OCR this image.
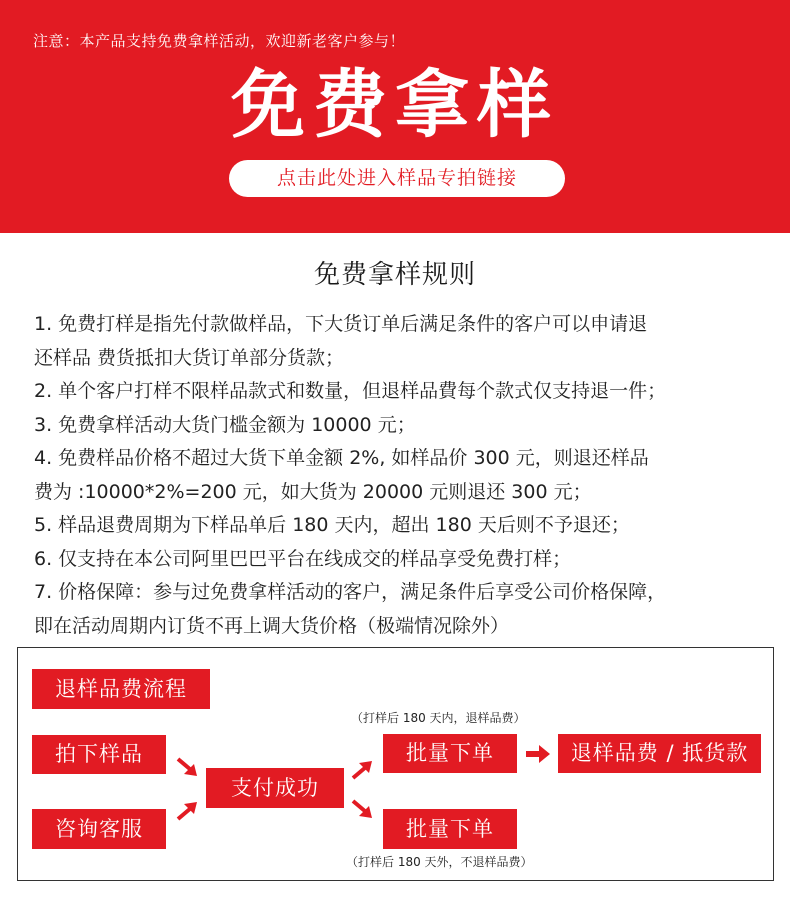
注意：本产品支持免费拿样活动，欢迎新老客户参与！
免费拿样
点击此处进入样品专拍链接
免费拿样规则
1. 免费打样是指先付款做样品，下大货订单后满足条件的客户可以申请退
还样品 费货抵扣大货订单部分货款；
2. 单个客户打样不限样品款式和数量，但退样品費每个款式仅支持退一件；
3. 免费拿样活动大货门槛金额为 10000 元；
4. 免费样品价格不超过大货下单金额 2%, 如样品价 300 元，则退还样品
费为 :10000*2%=200 元，如大货为 20000 元则退还 300 元；
5. 样品退费周期为下样品单后 180 天内，超出 180 天后则不予退还；
6. 仅支持在本公司阿里巴巴平台在线成交的样品享受免费打样；
7. 价格保障：参与过免费拿样活动的客户，满足条件后享受公司价格保障，
即在活动周期内订货不再上调大货价格（极端情况除外）
退样品费流程
拍下样品
咨询客服
支付成功
（打样后 180 天内，退样品费）
批量下单	退样品费 / 抵货款
批量下单
（打样后 180 天外，不退样品费）
